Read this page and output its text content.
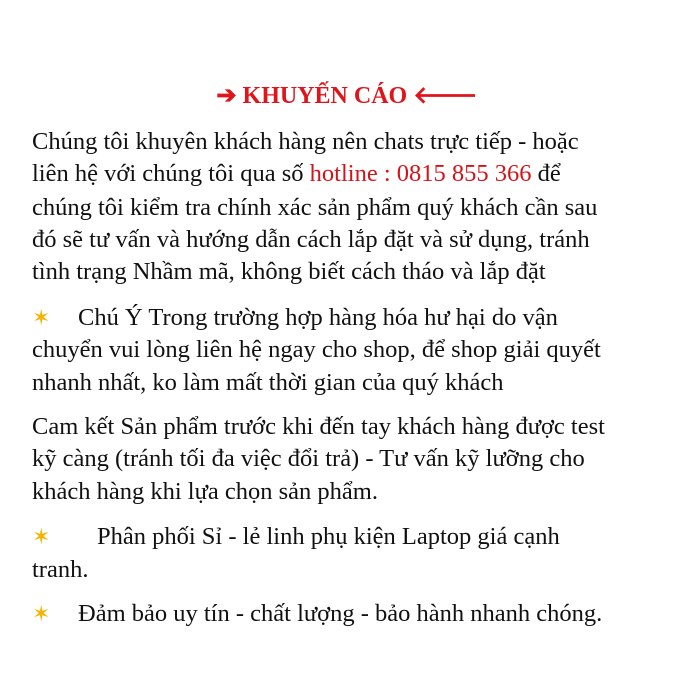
➔ KHUYẾN CÁO 🡐
Chúng tôi khuyên khách hàng nên chats trực tiếp - hoặc
liên hệ với chúng tôi qua số hotline : 0815 855 366 để
chúng tôi kiểm tra chính xác sản phẩm quý khách cần sau
đó sẽ tư vấn và hướng dẫn cách lắp đặt và sử dụng, tránh
tình trạng Nhầm mã, không biết cách tháo và lắp đặt
✶ Chú Ý Trong trường hợp hàng hóa hư hại do vận
chuyển vui lòng liên hệ ngay cho shop, để shop giải quyết
nhanh nhất, ko làm mất thời gian của quý khách
Cam kết Sản phẩm trước khi đến tay khách hàng được test
kỹ càng (tránh tối đa việc đổi trả) - Tư vấn kỹ lưỡng cho
khách hàng khi lựa chọn sản phẩm.
✶ Phân phối Sỉ - lẻ linh phụ kiện Laptop giá cạnh
tranh.
✶ Đảm bảo uy tín - chất lượng - bảo hành nhanh chóng.
